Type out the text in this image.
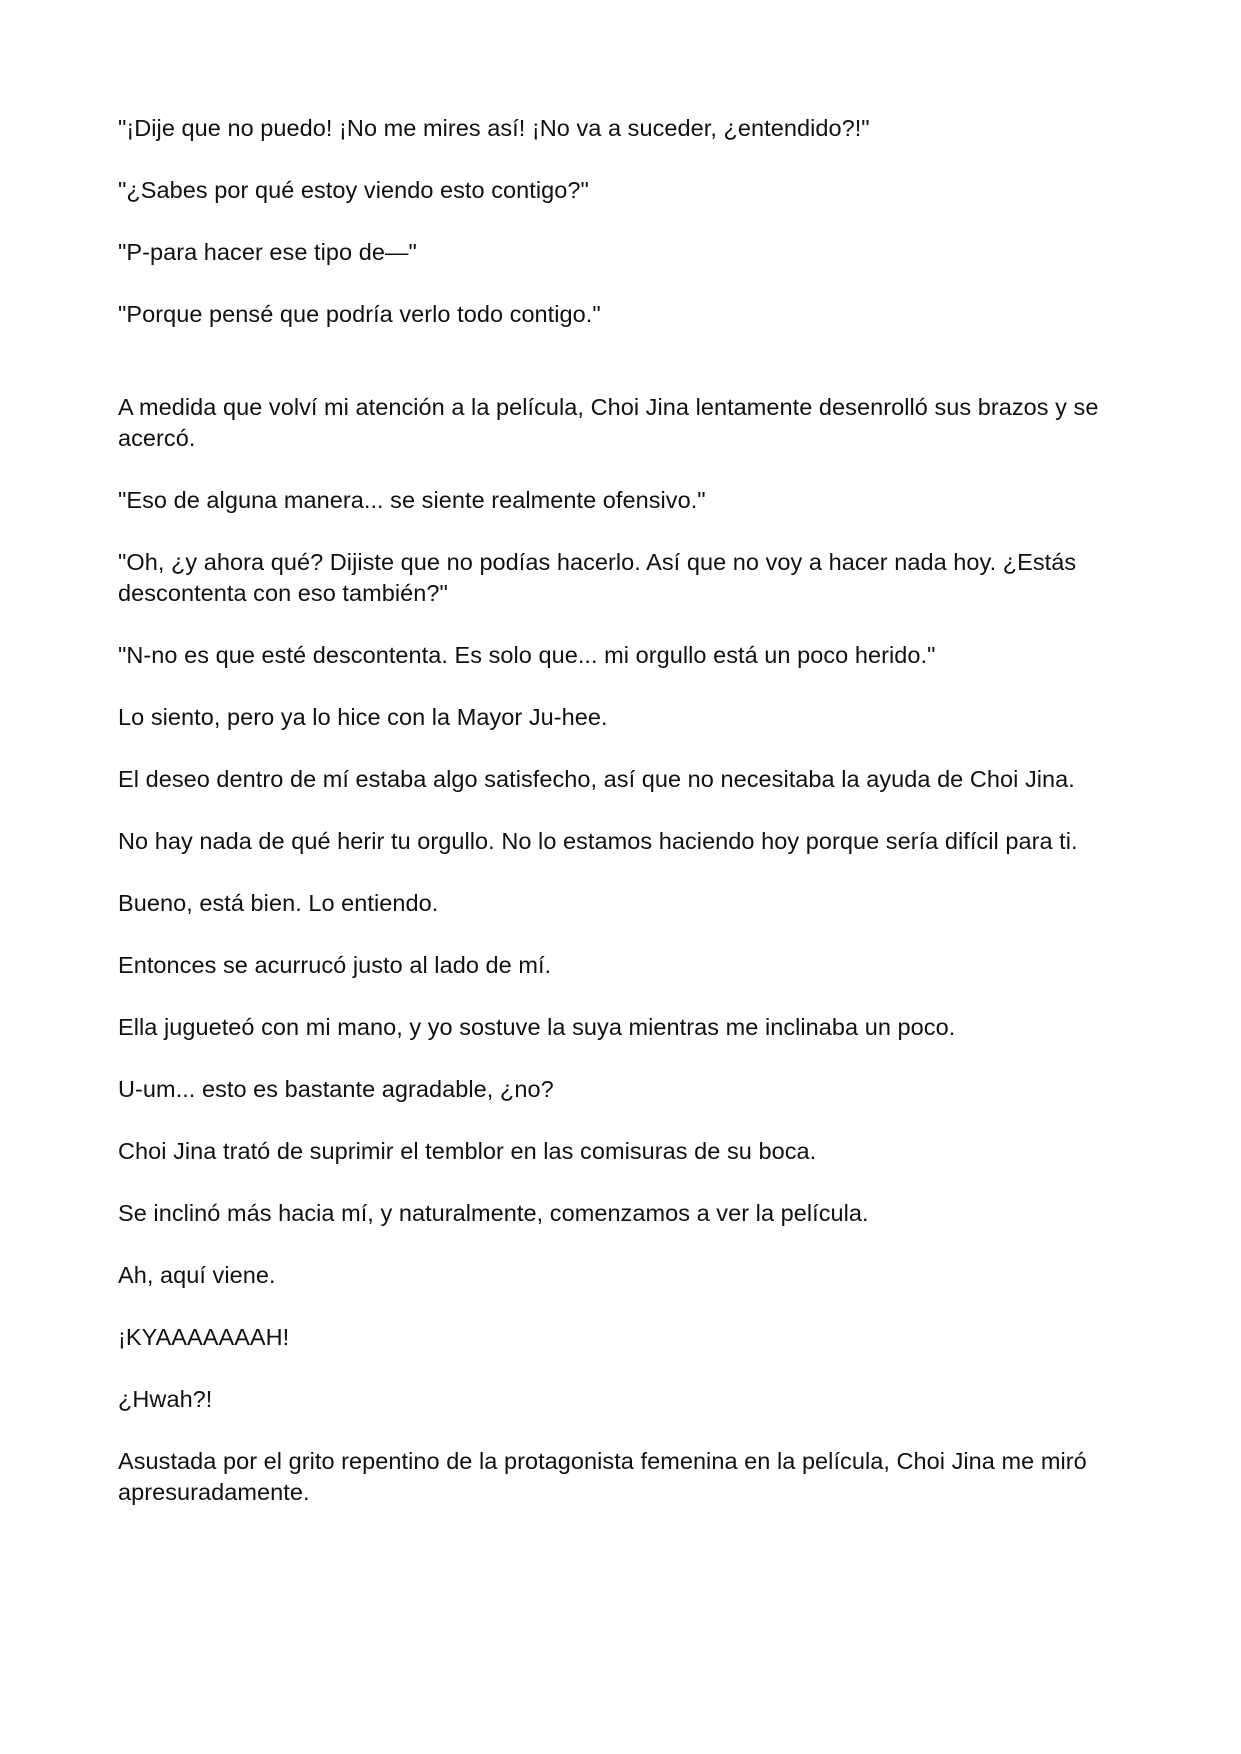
"¡Dije que no puedo! ¡No me mires así! ¡No va a suceder, ¿entendido?!"

"¿Sabes por qué estoy viendo esto contigo?"

"P-para hacer ese tipo de—"

"Porque pensé que podría verlo todo contigo."

A medida que volví mi atención a la película, Choi Jina lentamente desenrolló sus brazos y se acercó.

"Eso de alguna manera... se siente realmente ofensivo."

"Oh, ¿y ahora qué? Dijiste que no podías hacerlo. Así que no voy a hacer nada hoy. ¿Estás descontenta con eso también?"

"N-no es que esté descontenta. Es solo que... mi orgullo está un poco herido."

Lo siento, pero ya lo hice con la Mayor Ju-hee.

El deseo dentro de mí estaba algo satisfecho, así que no necesitaba la ayuda de Choi Jina.

No hay nada de qué herir tu orgullo. No lo estamos haciendo hoy porque sería difícil para ti.

Bueno, está bien. Lo entiendo.

Entonces se acurrucó justo al lado de mí.

Ella jugueteó con mi mano, y yo sostuve la suya mientras me inclinaba un poco.

U-um... esto es bastante agradable, ¿no?

Choi Jina trató de suprimir el temblor en las comisuras de su boca.

Se inclinó más hacia mí, y naturalmente, comenzamos a ver la película.

Ah, aquí viene.

¡KYAAAAAAAH!

¿Hwah?!

Asustada por el grito repentino de la protagonista femenina en la película, Choi Jina me miró apresuradamente.
